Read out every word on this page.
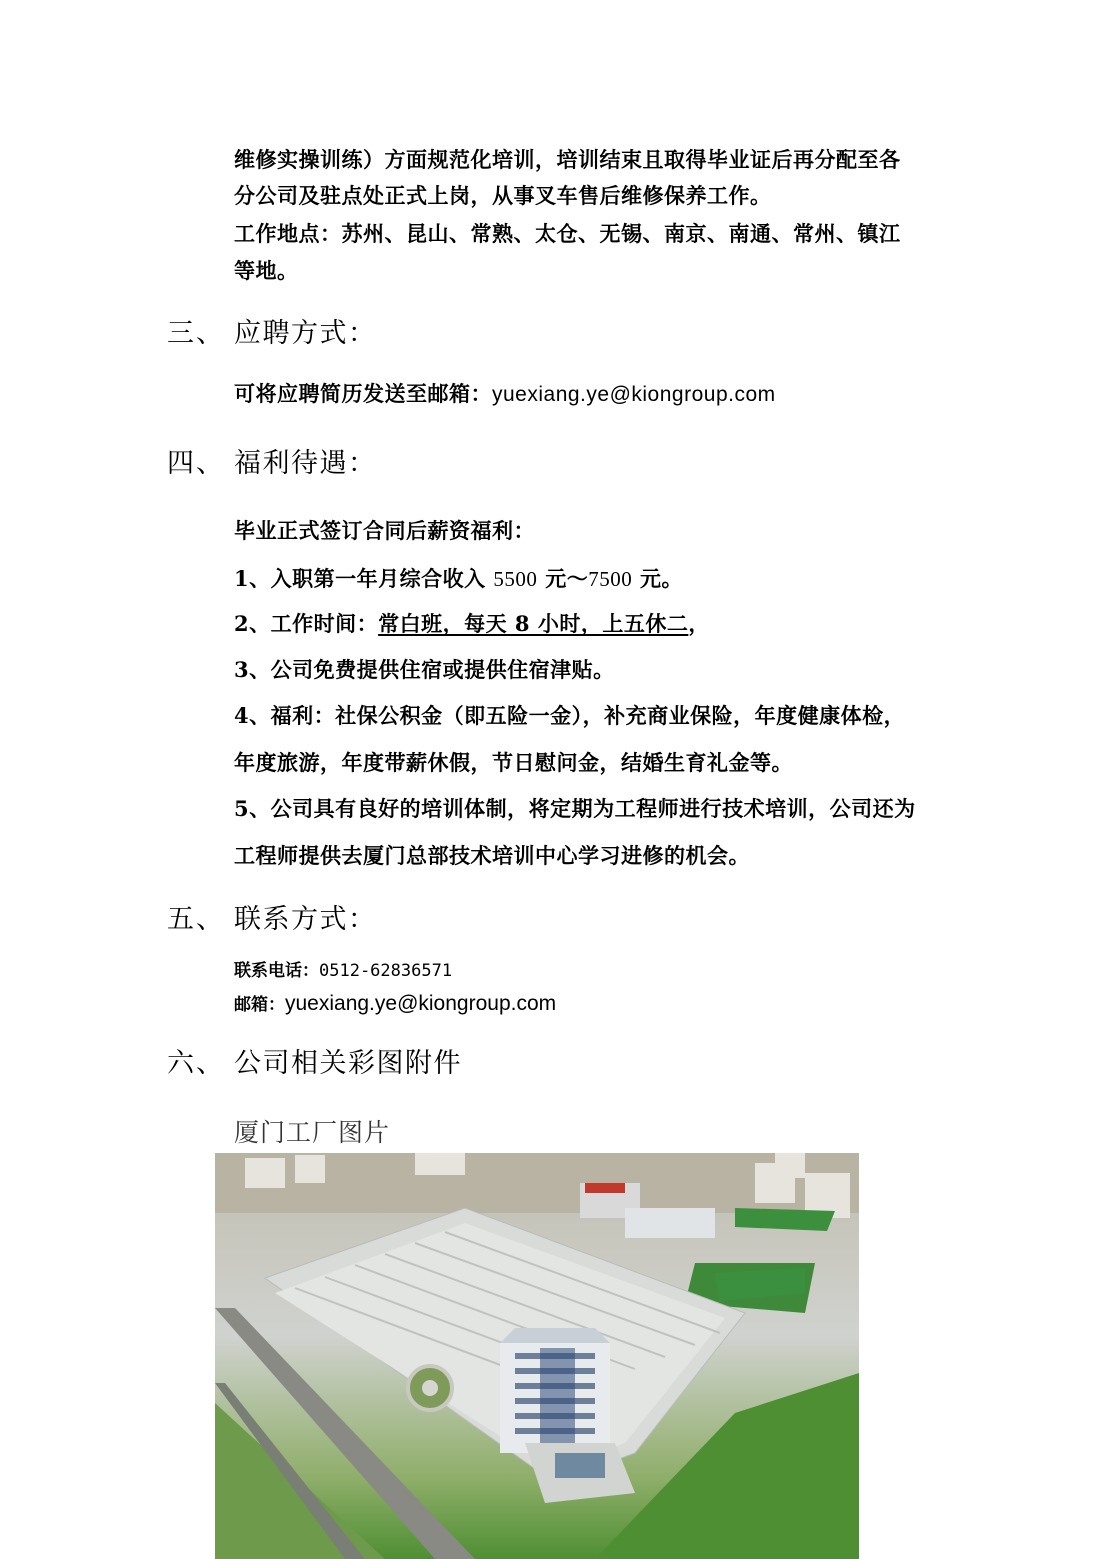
维修实操训练）方面规范化培训，培训结束且取得毕业证后再分配至各
分公司及驻点处正式上岗，从事叉车售后维修保养工作。
工作地点：苏州、昆山、常熟、太仓、无锡、南京、南通、常州、镇江
等地。
三、 应聘方式：
可将应聘简历发送至邮箱：yuexiang.ye@kiongroup.com
四、 福利待遇：
毕业正式签订合同后薪资福利：
1、入职第一年月综合收入 5500 元～7500 元。
2、工作时间：常白班，每天 8 小时，上五休二，
3、公司免费提供住宿或提供住宿津贴。
4、福利：社保公积金（即五险一金），补充商业保险，年度健康体检，
年度旅游，年度带薪休假，节日慰问金，结婚生育礼金等。
5、公司具有良好的培训体制，将定期为工程师进行技术培训，公司还为
工程师提供去厦门总部技术培训中心学习进修的机会。
五、 联系方式：
联系电话：0512-62836571
邮箱：yuexiang.ye@kiongroup.com
六、 公司相关彩图附件
厦门工厂图片
